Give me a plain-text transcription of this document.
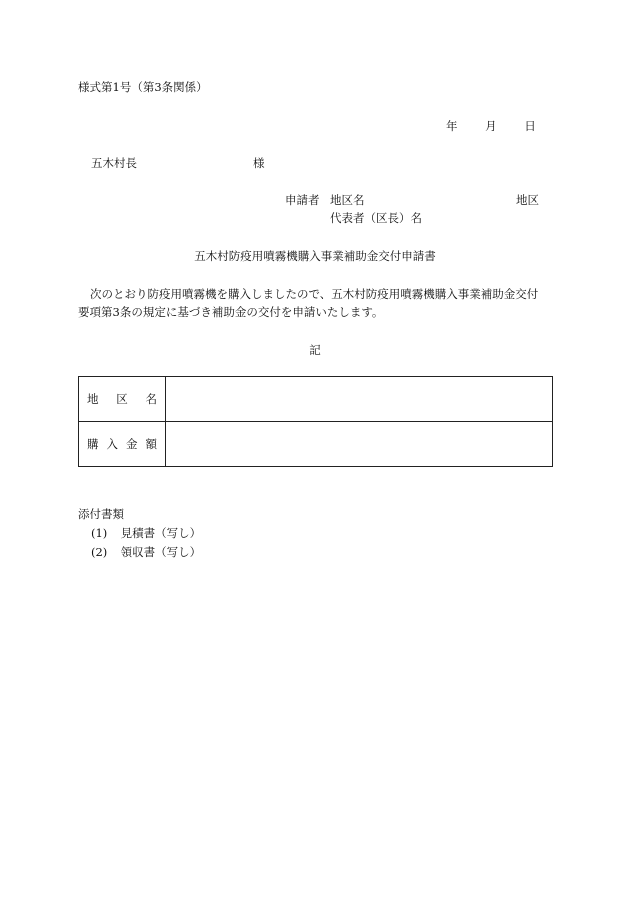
様式第1号（第3条関係）
年 月 日
五木村長	様
申請者 地区名	地区
代表者（区長）名
五木村防疫用噴霧機購入事業補助金交付申請書
次のとおり防疫用噴霧機を購入しましたので、五木村防疫用噴霧機購入事業補助金交付
要項第3条の規定に基づき補助金の交付を申請いたします。
記
地 区 名	

購 入 金 額	

添付書類
(1) 見積書（写し）
(2) 領収書（写し）
